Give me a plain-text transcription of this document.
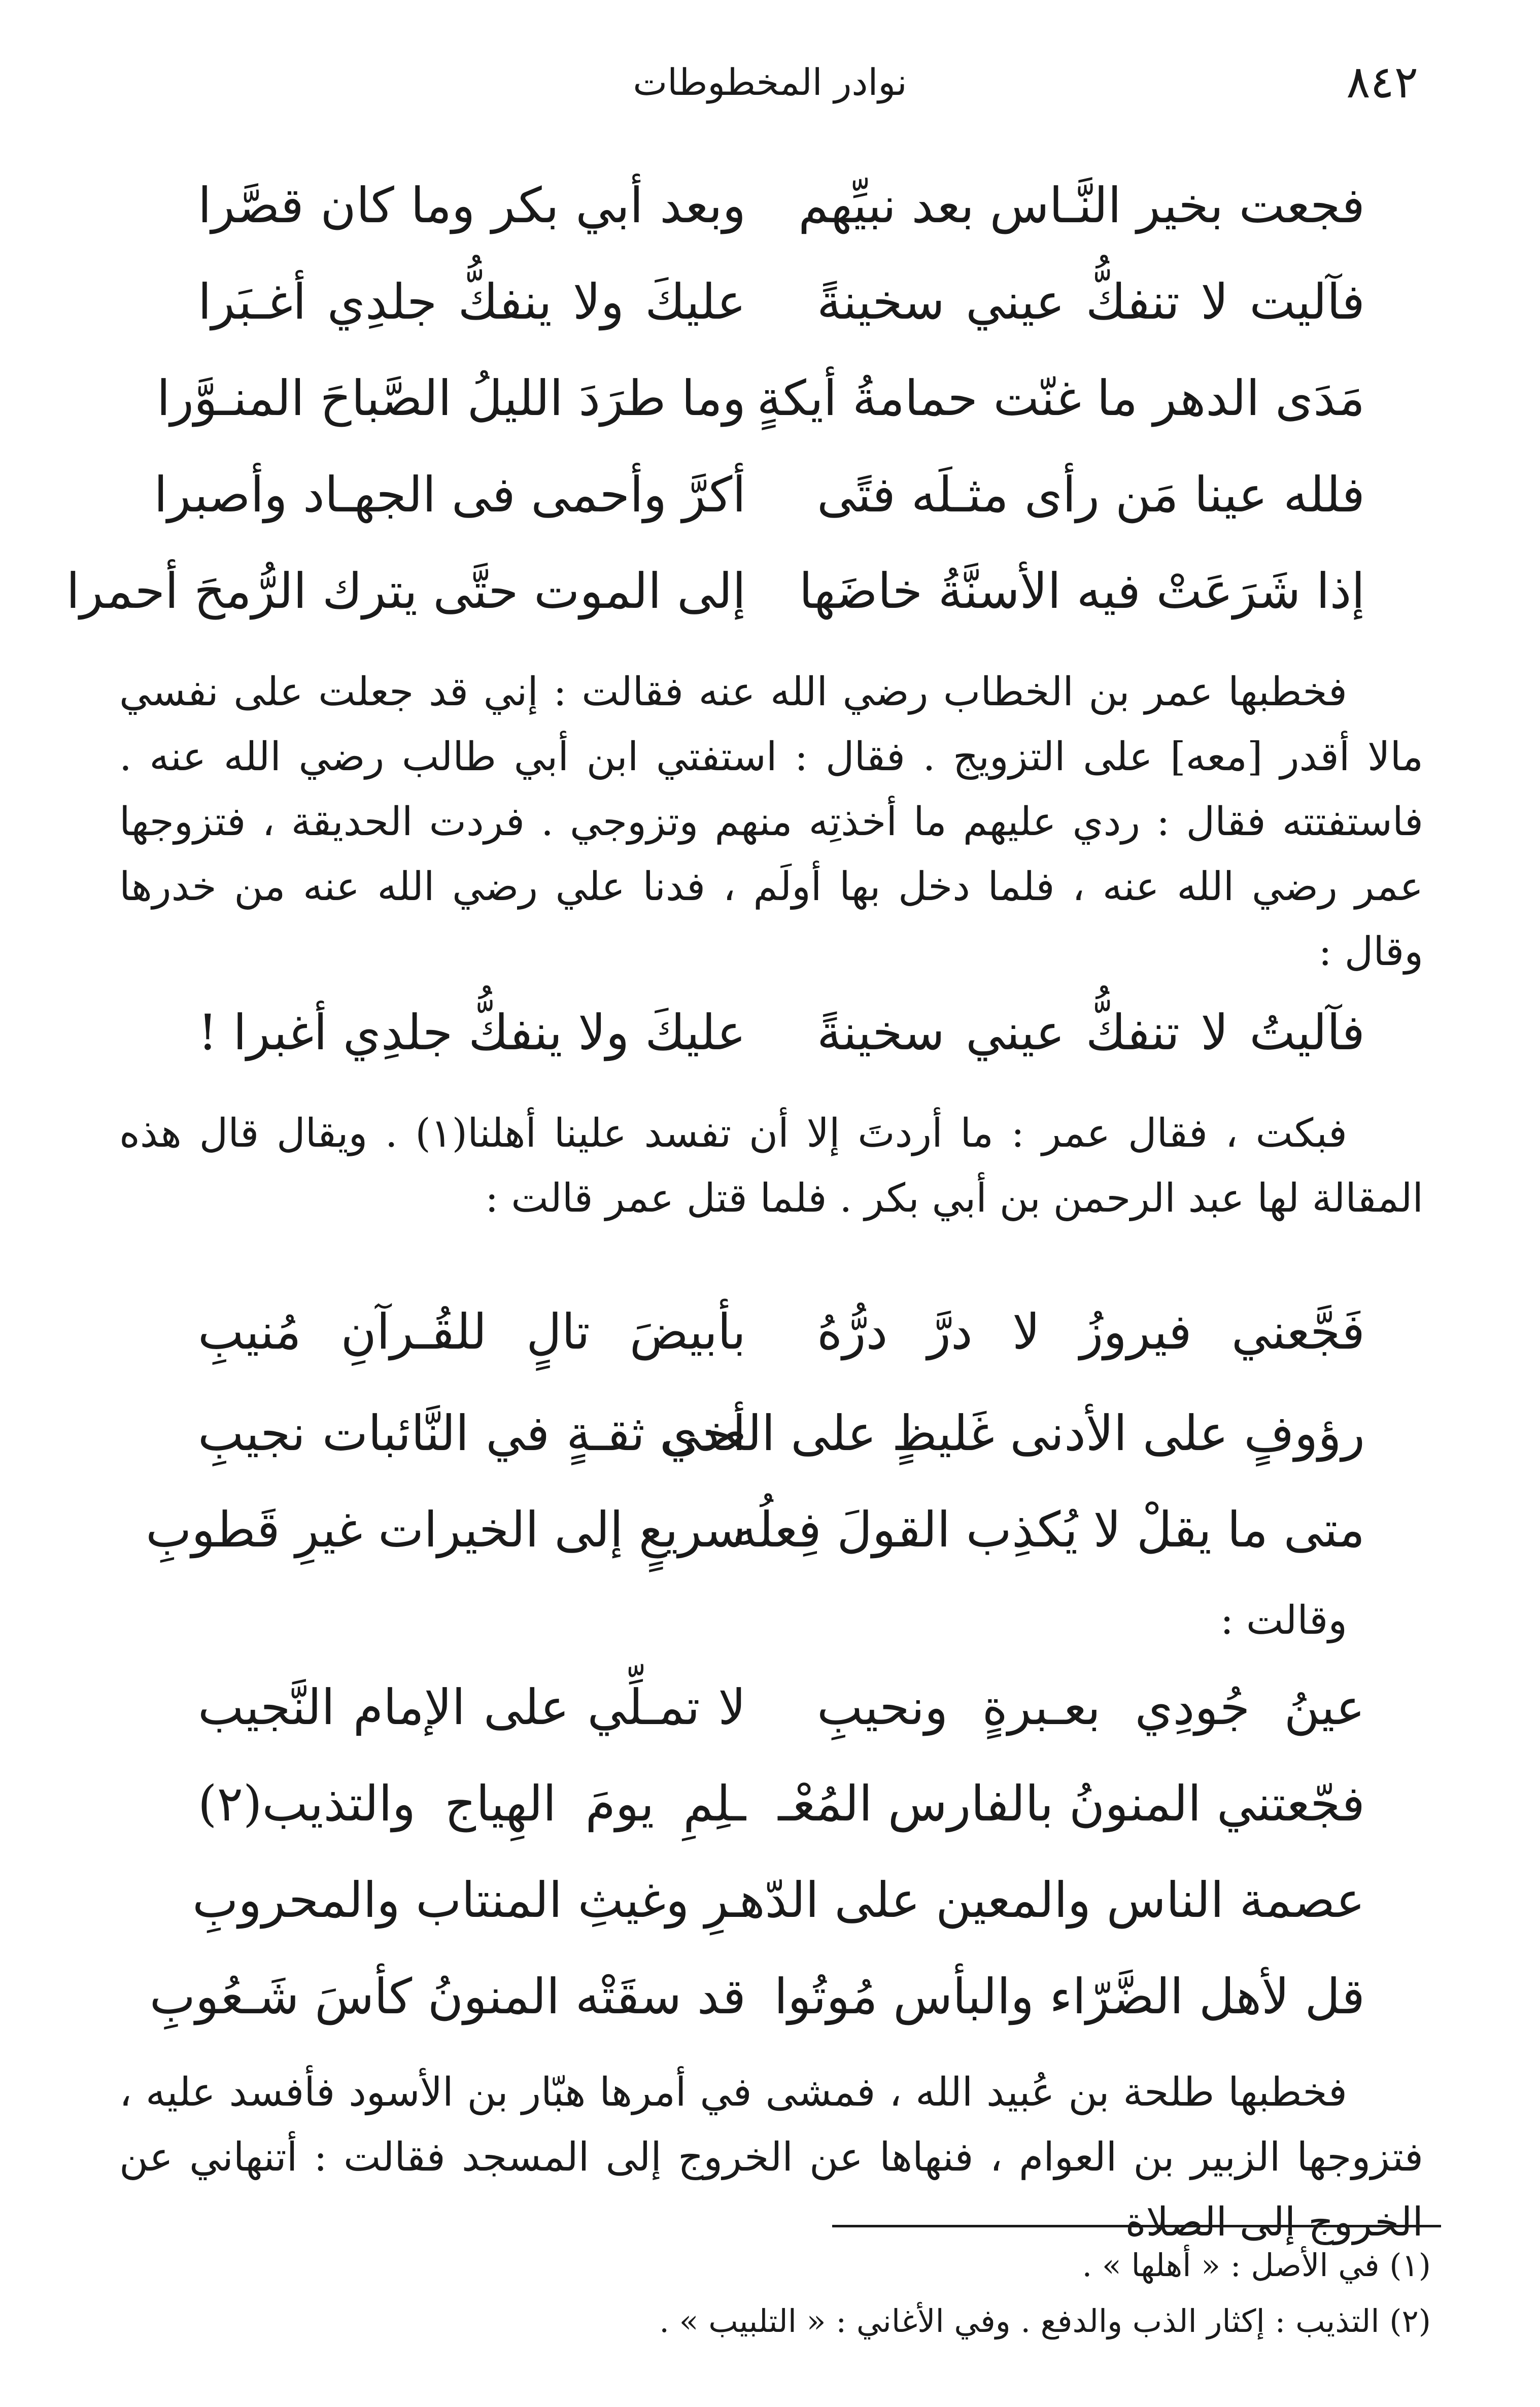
٨٤٢
نوادر المخطوطات
فجعت بخير النَّـاس بعد نبيِّهم
وبعد أبي بكر وما كان قصَّرا
فآليت لا تنفكُّ عيني سخينةً
عليكَ ولا ينفكُّ جلدِي أغـبَرا
مَدَى الدهر ما غنّت حمامةُ أيكةٍ
وما طرَدَ الليلُ الصَّباحَ المنـوَّرا
فلله عينا مَن رأى مثـلَه فتًى
أكرَّ وأحمى فى الجهـاد وأصبرا
إذا شَرَعَتْ فيه الأسنَّةُ خاضَها
إلى الموت حتَّى يترك الرُّمحَ أحمرا

فخطبها عمر بن الخطاب رضي الله عنه فقالت : إني قد جعلت على نفسي مالا أقدر [معه] على التزويج . فقال : استفتي ابن أبي طالب رضي الله عنه . فاستفتته فقال : ردي عليهم ما أخذتِه منهم وتزوجي . فردت الحديقة ، فتزوجها عمر رضي الله عنه ، فلما دخل بها أولَم ، فدنا علي رضي الله عنه من خدرها وقال :

فآليتُ لا تنفكُّ عيني سخينةً
عليكَ ولا ينفكُّ جلدِي أغبرا !

فبكت ، فقال عمر : ما أردتَ إلا أن تفسد علينا أهلنا(١) . ويقال قال هذه المقالة لها عبد الرحمن بن أبي بكر . فلما قتل عمر قالت :

فَجَّعني فيروزُ لا درَّ درُّهُ
بأبيضَ تالٍ للقُـرآنِ مُنيبِ
رؤوفٍ على الأدنى غَليظٍ على العدى
أخي ثقـةٍ في النَّائبات نجيبِ
متى ما يقلْ لا يُكذِب القولَ فِعلُه
سريعٍ إلى الخيرات غيرِ قَطوبِ

وقالت :

عينُ جُودِي بعـبرةٍ ونحيبِ
لا تمـلِّي على الإمام النَّجيب
فجّعتني المنونُ بالفارس المُعْـ
ـلِمِ يومَ الهِياج والتذيب(٢)
عصمة الناس والمعين على الدّهـ
ـرِ وغيثِ المنتاب والمحروبِ
قل لأهل الضَّرّاء والبأس مُوتُوا
قد سقَتْه المنونُ كأسَ شَـعُوبِ

فخطبها طلحة بن عُبيد الله ، فمشى في أمرها هبّار بن الأسود فأفسد عليه ، فتزوجها الزبير بن العوام ، فنهاها عن الخروج إلى المسجد فقالت : أتنهاني عن الخروج إلى الصلاة

(١) في الأصل : « أهلها » .
(٢) التذيب : إكثار الذب والدفع . وفي الأغاني : « التلبيب » .
